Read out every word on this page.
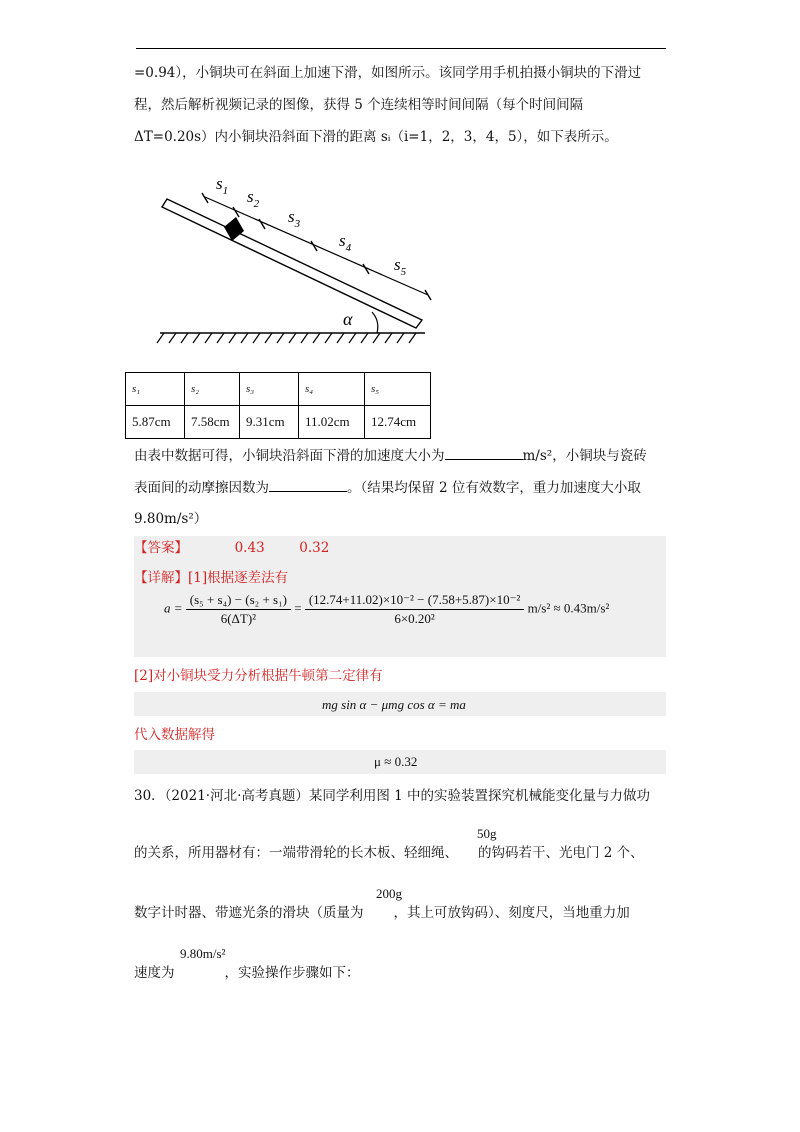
=0.94），小铜块可在斜面上加速下滑，如图所示。该同学用手机拍摄小铜块的下滑过
程，然后解析视频记录的图像，获得 5 个连续相等时间间隔（每个时间间隔
ΔT=0.20s）内小铜块沿斜面下滑的距离 sᵢ（i=1，2，3，4，5），如下表所示。
α
$s_1$ $s_2$
$s_3$
$s_4$
$s_5$
s₁	s₂	s₃	s₄	s₅
5.87cm	7.58cm	9.31cm	11.02cm	12.74cm
由表中数据可得，小铜块沿斜面下滑的加速度大小为	m/s²，小铜块与瓷砖
表面间的动摩擦因数为	。（结果均保留 2 位有效数字，重力加速度大小取
9.80m/s²）
【答案】	0.43	0.32
【详解】[1]根据逐差法有
$a = \frac{\text{(s₅ + s₄) − (s₂ + s₁)}}{\text{6(ΔT)²}} = \frac{\text{(12.74+11.02)×10⁻² − (7.58+5.87)×10⁻²}}{\text{6×0.20²}} m/s^2 \approx 0.43m/s^2$
[2]对小铜块受力分析根据牛顿第二定律有
mg sin α − μmg cos α = ma
代入数据解得
μ ≈ 0.32
30．（2021·河北·高考真题）某同学利用图 1 中的实验装置探究机械能变化量与力做功
50g
的关系，所用器材有：一端带滑轮的长木板、轻细绳、 的钩码若干、光电门 2 个、
200g
数字计时器、带遮光条的滑块（质量为 ，其上可放钩码）、刻度尺，当地重力加
9.80m/s²
速度为	，实验操作步骤如下：
